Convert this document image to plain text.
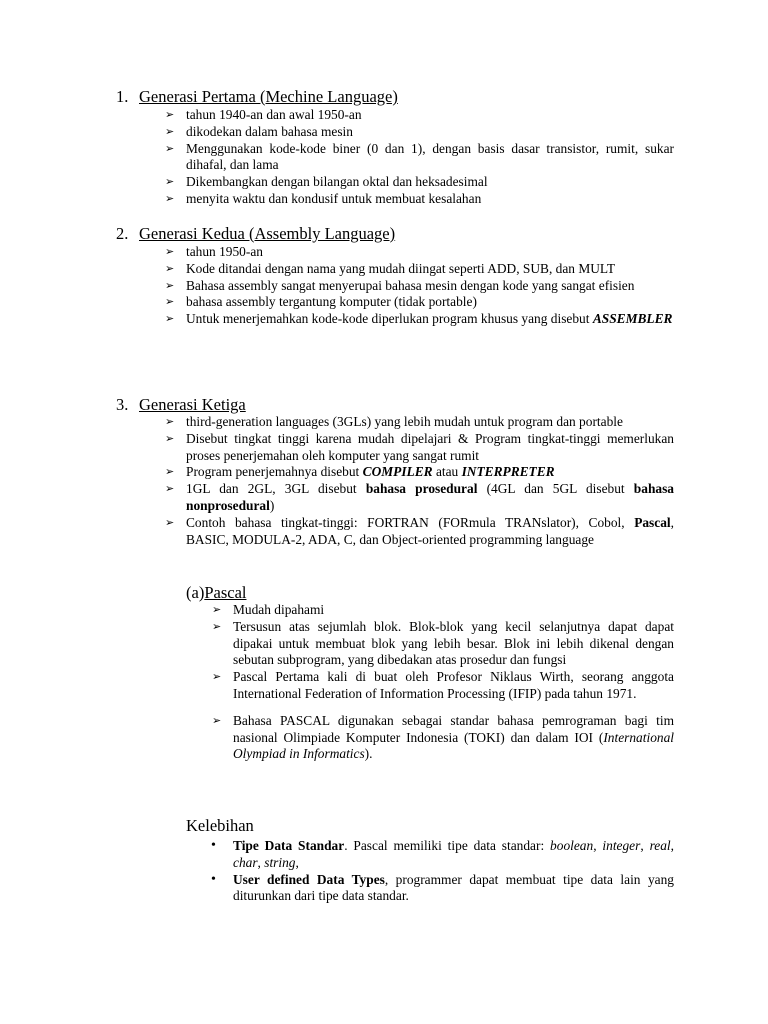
1. Generasi Pertama (Mechine Language)
➢ tahun 1940-an dan awal 1950-an
➢ dikodekan dalam bahasa mesin
➢ Menggunakan kode-kode biner (0 dan 1), dengan basis dasar transistor, rumit, sukar dihafal, dan lama
➢ Dikembangkan dengan bilangan oktal dan heksadesimal
➢ menyita waktu dan kondusif untuk membuat kesalahan
2. Generasi Kedua (Assembly Language)
➢ tahun 1950-an
➢ Kode ditandai dengan nama yang mudah diingat seperti ADD, SUB, dan MULT
➢ Bahasa assembly sangat menyerupai bahasa mesin dengan kode yang sangat efisien
➢ bahasa assembly tergantung komputer (tidak portable)
➢ Untuk menerjemahkan kode-kode diperlukan program khusus yang disebut ASSEMBLER
3. Generasi Ketiga
➢ third-generation languages (3GLs) yang lebih mudah untuk program dan portable
➢ Disebut tingkat tinggi karena mudah dipelajari & Program tingkat-tinggi memerlukan proses penerjemahan oleh komputer yang sangat rumit
➢ Program penerjemahnya disebut COMPILER atau INTERPRETER
➢ 1GL dan 2GL, 3GL disebut bahasa prosedural (4GL dan 5GL disebut bahasa nonprosedural)
➢ Contoh bahasa tingkat-tinggi: FORTRAN (FORmula TRANslator), Cobol, Pascal, BASIC, MODULA-2, ADA, C, dan Object-oriented programming language
(a)Pascal
➢ Mudah dipahami
➢ Tersusun atas sejumlah blok. Blok-blok yang kecil selanjutnya dapat dapat dipakai untuk membuat blok yang lebih besar. Blok ini lebih dikenal dengan sebutan subprogram, yang dibedakan atas prosedur dan fungsi
➢ Pascal Pertama kali di buat oleh Profesor Niklaus Wirth, seorang anggota International Federation of Information Processing (IFIP) pada tahun 1971.
➢ Bahasa PASCAL digunakan sebagai standar bahasa pemrograman bagi tim nasional Olimpiade Komputer Indonesia (TOKI) dan dalam IOI (International Olympiad in Informatics).
Kelebihan
• Tipe Data Standar. Pascal memiliki tipe data standar: boolean, integer, real, char, string,
• User defined Data Types, programmer dapat membuat tipe data lain yang diturunkan dari tipe data standar.
